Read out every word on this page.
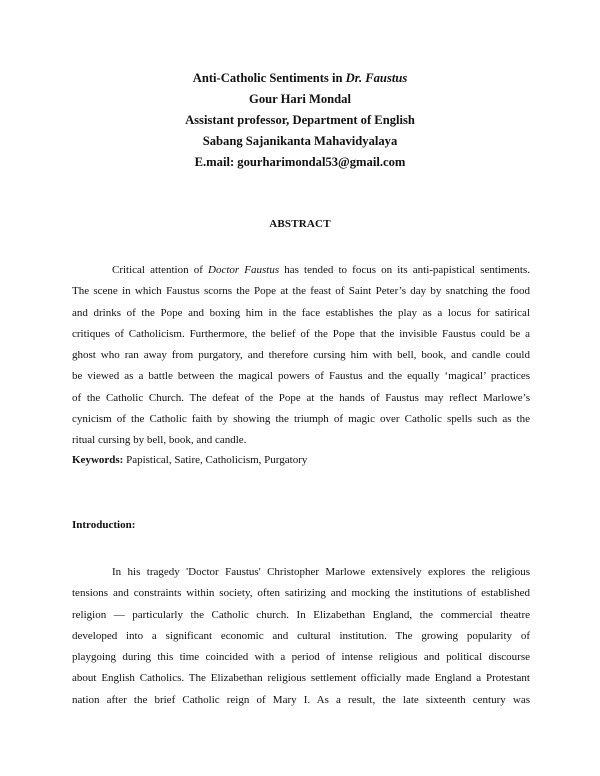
Anti-Catholic Sentiments in Dr. Faustus
Gour Hari Mondal
Assistant professor, Department of English
Sabang Sajanikanta Mahavidyalaya
E.mail: gourharimondal53@gmail.com
ABSTRACT
Critical attention of Doctor Faustus has tended to focus on its anti-papistical sentiments.
The scene in which Faustus scorns the Pope at the feast of Saint Peter’s day by snatching the food
and drinks of the Pope and boxing him in the face establishes the play as a locus for satirical
critiques of Catholicism. Furthermore, the belief of the Pope that the invisible Faustus could be a
ghost who ran away from purgatory, and therefore cursing him with bell, book, and candle could
be viewed as a battle between the magical powers of Faustus and the equally ‘magical’ practices
of the Catholic Church. The defeat of the Pope at the hands of Faustus may reflect Marlowe’s
cynicism of the Catholic faith by showing the triumph of magic over Catholic spells such as the
ritual cursing by bell, book, and candle.
Keywords: Papistical, Satire, Catholicism, Purgatory
Introduction:
In his tragedy 'Doctor Faustus' Christopher Marlowe extensively explores the religious
tensions and constraints within society, often satirizing and mocking the institutions of established
religion — particularly the Catholic church. In Elizabethan England, the commercial theatre
developed into a significant economic and cultural institution. The growing popularity of
playgoing during this time coincided with a period of intense religious and political discourse
about English Catholics. The Elizabethan religious settlement officially made England a Protestant
nation after the brief Catholic reign of Mary I. As a result, the late sixteenth century was
